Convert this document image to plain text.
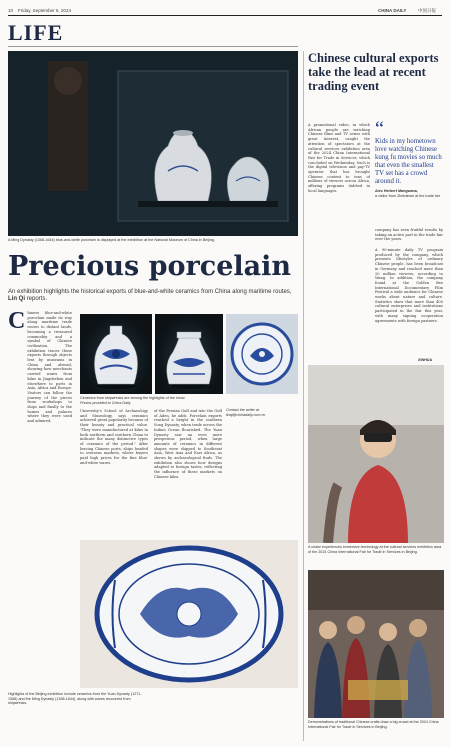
10 Friday, September 6, 2024	CHINA DAILY	中国日报
LIFE
A Ming Dynasty (1368-1644) blue-and-white porcelain is displayed at the exhibition at the National Museum of China in Beijing.
Precious porcelain
An exhibition highlights the historical exports of blue-and-white ceramics from China along maritime routes, Lin Qi reports.
C hinese blue-and-white porcelain made its way along maritime trade routes to distant lands, becoming a treasured commodity and a symbol of Chinese civilization. The exhibition traces these exports through objects lent by museums in China and abroad, showing how merchants carried wares from kilns in Jingdezhen and elsewhere to ports in Asia, Africa and Europe. Visitors can follow the journey of the pieces from workshops to ships and finally to the homes and palaces where they were used and admired.
Ceramics from shipwrecks are among the highlights of the show.
Photos provided to China Daily
University's School of Archaeology and Museology, says ceramics achieved great popularity because of their beauty and practical value. "They were manufactured at kilns in both northern and southern China to indicate the many distinctive types of ceramics of the period." After leaving Chinese ports, ships headed to overseas markets, where buyers paid high prices for the fine blue-and-white wares.
of the Persian Gulf and into the Gulf of Aden, he adds. Porcelain exports reached a height in the southern Song Dynasty, when trade across the Indian Ocean flourished. The Yuan Dynasty saw an even more prosperous period, when large amounts of ceramics in different shapes were shipped to Southeast Asia, West Asia and East Africa, as shown by archaeological finds. The exhibition also shows how designs adapted to foreign tastes, reflecting the influence of these markets on Chinese kilns.
Contact the writer at linqi@chinadaily.com.cn
Highlights of the Beijing exhibition include ceramics from the Yuan Dynasty (1271-1368) and the Ming Dynasty (1368-1644), along with wares recovered from shipwrecks.
Chinese cultural exports take the lead at recent trading event
A promotional video, in which African people are watching Chinese films and TV series with great interest, caught the attention of spectators at the cultural services exhibition area of the 2024 China International Fair for Trade in Services, which concluded on Wednesday. Such is the digital television and pay-TV operator that has brought Chinese content to tens of millions of viewers across Africa, offering programs dubbed in local languages.
“
Kids in my hometown love watching Chinese kung fu movies so much that even the smallest TV set has a crowd around it.
Alex Herbert Mangwana,
a visitor from Zimbabwe at the trade fair
company has seen fruitful results by taking an active part in the trade fair over the years.
A 90-minute daily TV program produced by the company, which presents lifestyles of ordinary Chinese people, has been broadcast in Germany and reached more than 20 million viewers, according to Wang. In addition, the company found at the Golden Bee International Documentary Film Festival a wide audience for Chinese works about nature and culture. Statistics show that more than 400 cultural enterprises and institutions participated in the fair this year, with many signing cooperation agreements with foreign partners.
XINHUA
A visitor experiences immersive technology at the cultural services exhibition area of the 2024 China International Fair for Trade in Services in Beijing.
Demonstrations of traditional Chinese crafts draw a big crowd at the 2024 China International Fair for Trade in Services in Beijing.
